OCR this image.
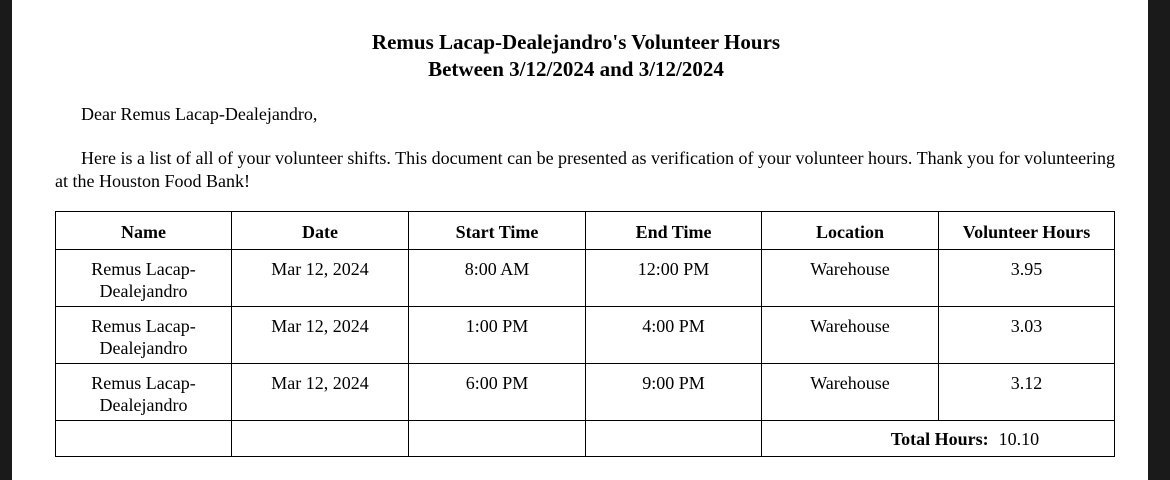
Remus Lacap-Dealejandro's Volunteer Hours
Between 3/12/2024 and 3/12/2024
Dear Remus Lacap-Dealejandro,
Here is a list of all of your volunteer shifts. This document can be presented as verification of your volunteer hours. Thank you for volunteering at the Houston Food Bank!
Name	Date	Start Time	End Time	Location	Volunteer Hours
Remus Lacap-Dealejandro	Mar 12, 2024	8:00 AM	12:00 PM	Warehouse	3.95
Remus Lacap-Dealejandro	Mar 12, 2024	1:00 PM	4:00 PM	Warehouse	3.03
Remus Lacap-Dealejandro	Mar 12, 2024	6:00 PM	9:00 PM	Warehouse	3.12
				Total Hours: 10.10	
